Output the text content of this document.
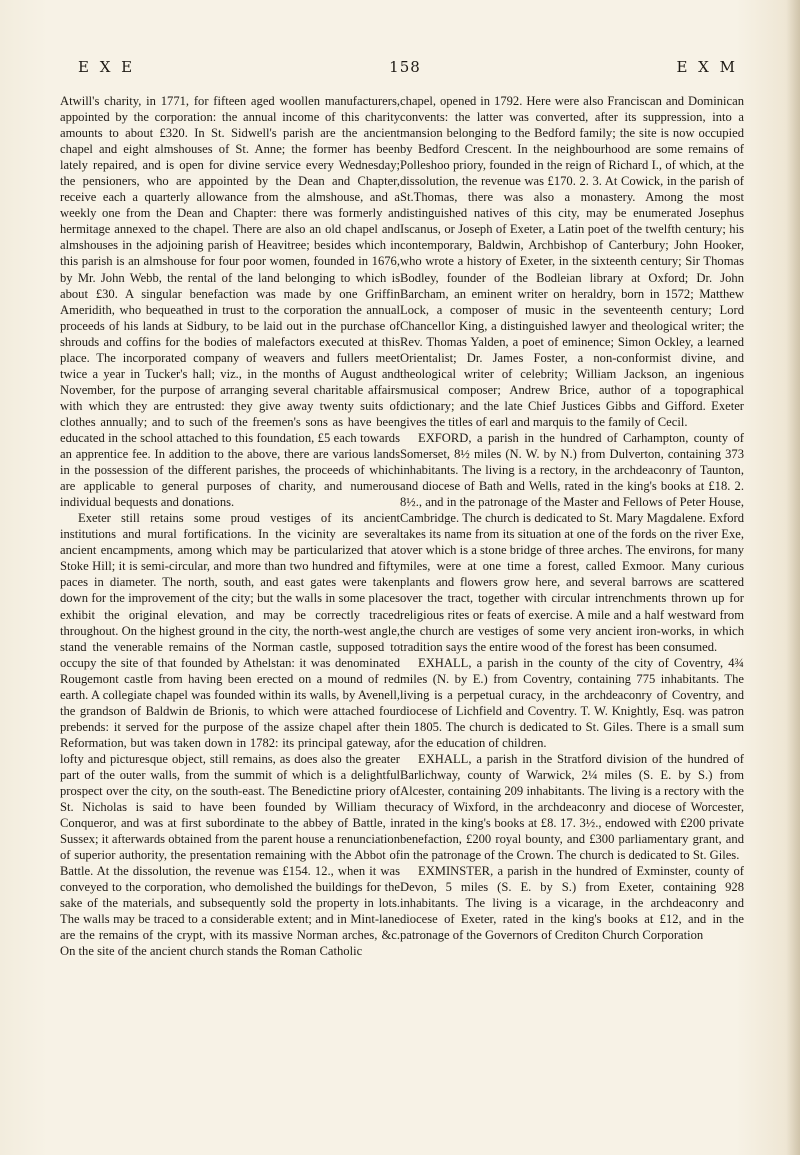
E X E	158	E X M

Atwill's charity, in 1771, for fifteen aged woollen manufacturers, appointed by the corporation: the annual income of this charity amounts to about £320. In St. Sidwell's parish are the ancient chapel and eight almshouses of St. Anne; the former has been lately repaired, and is open for divine service every Wednesday; the pensioners, who are appointed by the Dean and Chapter, receive each a quarterly allowance from the almshouse, and a weekly one from the Dean and Chapter: there was formerly an hermitage annexed to the chapel. There are also an old chapel and almshouses in the adjoining parish of Heavitree; besides which in this parish is an almshouse for four poor women, founded in 1676, by Mr. John Webb, the rental of the land belonging to which is about £30. A singular benefaction was made by one Griffin Ameridith, who bequeathed in trust to the corporation the annual proceeds of his lands at Sidbury, to be laid out in the purchase of shrouds and coffins for the bodies of malefactors executed at this place. The incorporated company of weavers and fullers meet twice a year in Tucker's hall; viz., in the months of August and November, for the purpose of arranging several charitable affairs with which they are entrusted: they give away twenty suits of clothes annually; and to such of the freemen's sons as have been educated in the school attached to this foundation, £5 each towards an apprentice fee. In addition to the above, there are various lands in the possession of the different parishes, the proceeds of which are applicable to general purposes of charity, and numerous individual bequests and donations.

Exeter still retains some proud vestiges of its ancient institutions and mural fortifications. In the vicinity are several ancient encampments, among which may be particularized that at Stoke Hill; it is semi-circular, and more than two hundred and fifty paces in diameter. The north, south, and east gates were taken down for the improvement of the city; but the walls in some places exhibit the original elevation, and may be correctly traced throughout. On the highest ground in the city, the north-west angle, stand the venerable remains of the Norman castle, supposed to occupy the site of that founded by Athelstan: it was denominated Rougemont castle from having been erected on a mound of red earth. A collegiate chapel was founded within its walls, by Avenell, the grandson of Baldwin de Brionis, to which were attached four prebends: it served for the purpose of the assize chapel after the Reformation, but was taken down in 1782: its principal gateway, a lofty and picturesque object, still remains, as does also the greater part of the outer walls, from the summit of which is a delightful prospect over the city, on the south-east. The Benedictine priory of St. Nicholas is said to have been founded by William the Conqueror, and was at first subordinate to the abbey of Battle, in Sussex; it afterwards obtained from the parent house a renunciation of superior authority, the presentation remaining with the Abbot of Battle. At the dissolution, the revenue was £154. 12., when it was conveyed to the corporation, who demolished the buildings for the sake of the materials, and subsequently sold the property in lots. The walls may be traced to a considerable extent; and in Mint-lane are the remains of the crypt, with its massive Norman arches, &c. On the site of the ancient church stands the Roman Catholic

chapel, opened in 1792. Here were also Franciscan and Dominican convents: the latter was converted, after its suppression, into a mansion belonging to the Bedford family; the site is now occupied by Bedford Crescent. In the neighbourhood are some remains of Polleshoo priory, founded in the reign of Richard I., of which, at the dissolution, the revenue was £170. 2. 3. At Cowick, in the parish of St.Thomas, there was also a monastery. Among the most distinguished natives of this city, may be enumerated Josephus Iscanus, or Joseph of Exeter, a Latin poet of the twelfth century; his contemporary, Baldwin, Archbishop of Canterbury; John Hooker, who wrote a history of Exeter, in the sixteenth century; Sir Thomas Bodley, founder of the Bodleian library at Oxford; Dr. John Barcham, an eminent writer on heraldry, born in 1572; Matthew Lock, a composer of music in the seventeenth century; Lord Chancellor King, a distinguished lawyer and theological writer; the Rev. Thomas Yalden, a poet of eminence; Simon Ockley, a learned Orientalist; Dr. James Foster, a non-conformist divine, and theological writer of celebrity; William Jackson, an ingenious musical composer; Andrew Brice, author of a topographical dictionary; and the late Chief Justices Gibbs and Gifford. Exeter gives the titles of earl and marquis to the family of Cecil.

EXFORD, a parish in the hundred of Carhampton, county of Somerset, 8½ miles (N. W. by N.) from Dulverton, containing 373 inhabitants. The living is a rectory, in the archdeaconry of Taunton, and diocese of Bath and Wells, rated in the king's books at £18. 2. 8½., and in the patronage of the Master and Fellows of Peter House, Cambridge. The church is dedicated to St. Mary Magdalene. Exford takes its name from its situation at one of the fords on the river Exe, over which is a stone bridge of three arches. The environs, for many miles, were at one time a forest, called Exmoor. Many curious plants and flowers grow here, and several barrows are scattered over the tract, together with circular intrenchments thrown up for religious rites or feats of exercise. A mile and a half westward from the church are vestiges of some very ancient iron-works, in which tradition says the entire wood of the forest has been consumed.

EXHALL, a parish in the county of the city of Coventry, 4¾ miles (N. by E.) from Coventry, containing 775 inhabitants. The living is a perpetual curacy, in the archdeaconry of Coventry, and diocese of Lichfield and Coventry. T. W. Knightly, Esq. was patron in 1805. The church is dedicated to St. Giles. There is a small sum for the education of children.

EXHALL, a parish in the Stratford division of the hundred of Barlichway, county of Warwick, 2¼ miles (S. E. by S.) from Alcester, containing 209 inhabitants. The living is a rectory with the curacy of Wixford, in the archdeaconry and diocese of Worcester, rated in the king's books at £8. 17. 3½., endowed with £200 private benefaction, £200 royal bounty, and £300 parliamentary grant, and in the patronage of the Crown. The church is dedicated to St. Giles.

EXMINSTER, a parish in the hundred of Exminster, county of Devon, 5 miles (S. E. by S.) from Exeter, containing 928 inhabitants. The living is a vicarage, in the archdeaconry and diocese of Exeter, rated in the king's books at £12, and in the patronage of the Governors of Crediton Church Corporation
